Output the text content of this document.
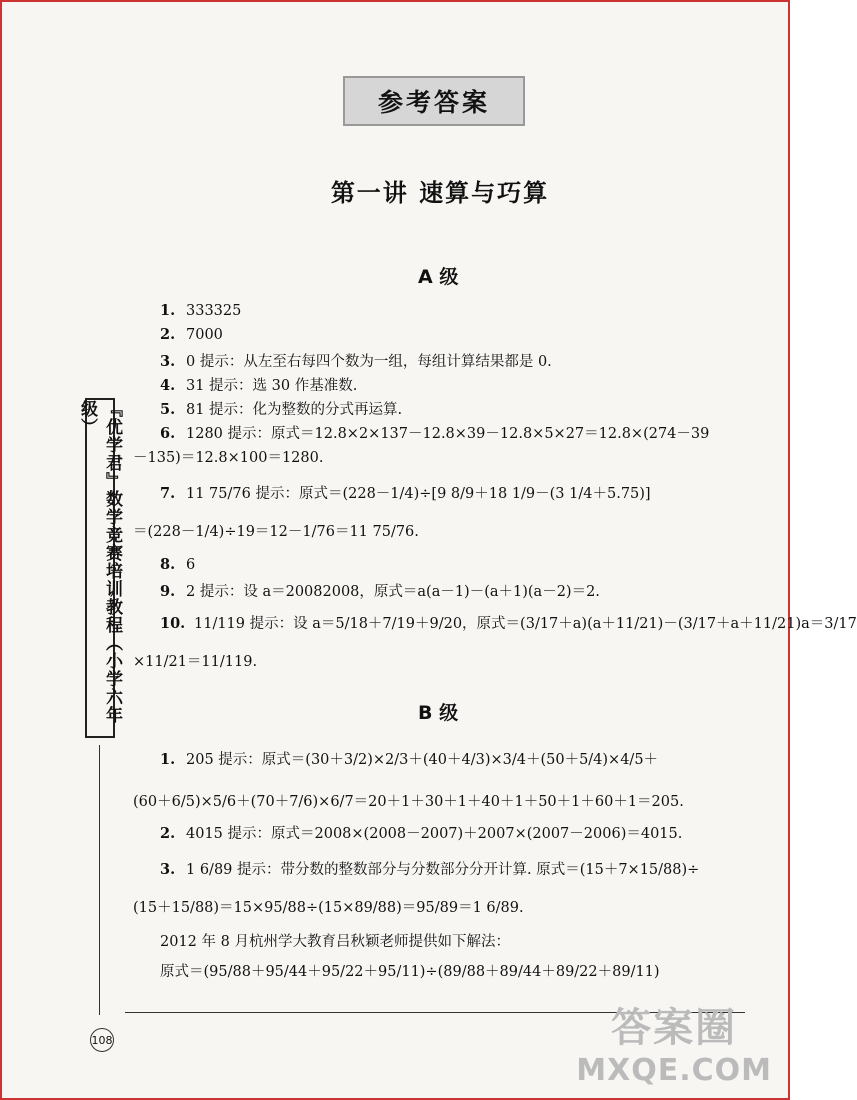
参考答案
第一讲 速算与巧算
A 级
1. 333325
2. 7000
3. 0 提示：从左至右每四个数为一组，每组计算结果都是 0.
4. 31 提示：选 30 作基准数.
5. 81 提示：化为整数的分式再运算.
6. 1280 提示：原式＝12.8×2×137－12.8×39－12.8×5×27＝12.8×(274－39
－135)＝12.8×100＝1280.
7. 11 75/76 提示：原式＝(228－1/4)÷[9 8/9＋18 1/9－(3 1/4＋5.75)]
＝(228－1/4)÷19＝12－1/76＝11 75/76.
8. 6
9. 2 提示：设 a＝20082008，原式＝a(a－1)－(a＋1)(a－2)＝2.
10. 11/119 提示：设 a＝5/18＋7/19＋9/20，原式＝(3/17＋a)(a＋11/21)－(3/17＋a＋11/21)a＝3/17
×11/21＝11/119.
B 级
1. 205 提示：原式＝(30＋3/2)×2/3＋(40＋4/3)×3/4＋(50＋5/4)×4/5＋
(60＋6/5)×5/6＋(70＋7/6)×6/7＝20＋1＋30＋1＋40＋1＋50＋1＋60＋1＝205.
2. 4015 提示：原式＝2008×(2008－2007)＋2007×(2007－2006)＝4015.
3. 1 6/89 提示：带分数的整数部分与分数部分分开计算. 原式＝(15＋7×15/88)÷
(15＋15/88)＝15×95/88÷(15×89/88)＝95/89＝1 6/89.
2012 年 8 月杭州学大教育吕秋颖老师提供如下解法：
原式＝(95/88＋95/44＋95/22＋95/11)÷(89/88＋89/44＋89/22＋89/11)
『优学君』数学竞赛培训教程（小学六年级）
108	答案圈
MXQE.COM
